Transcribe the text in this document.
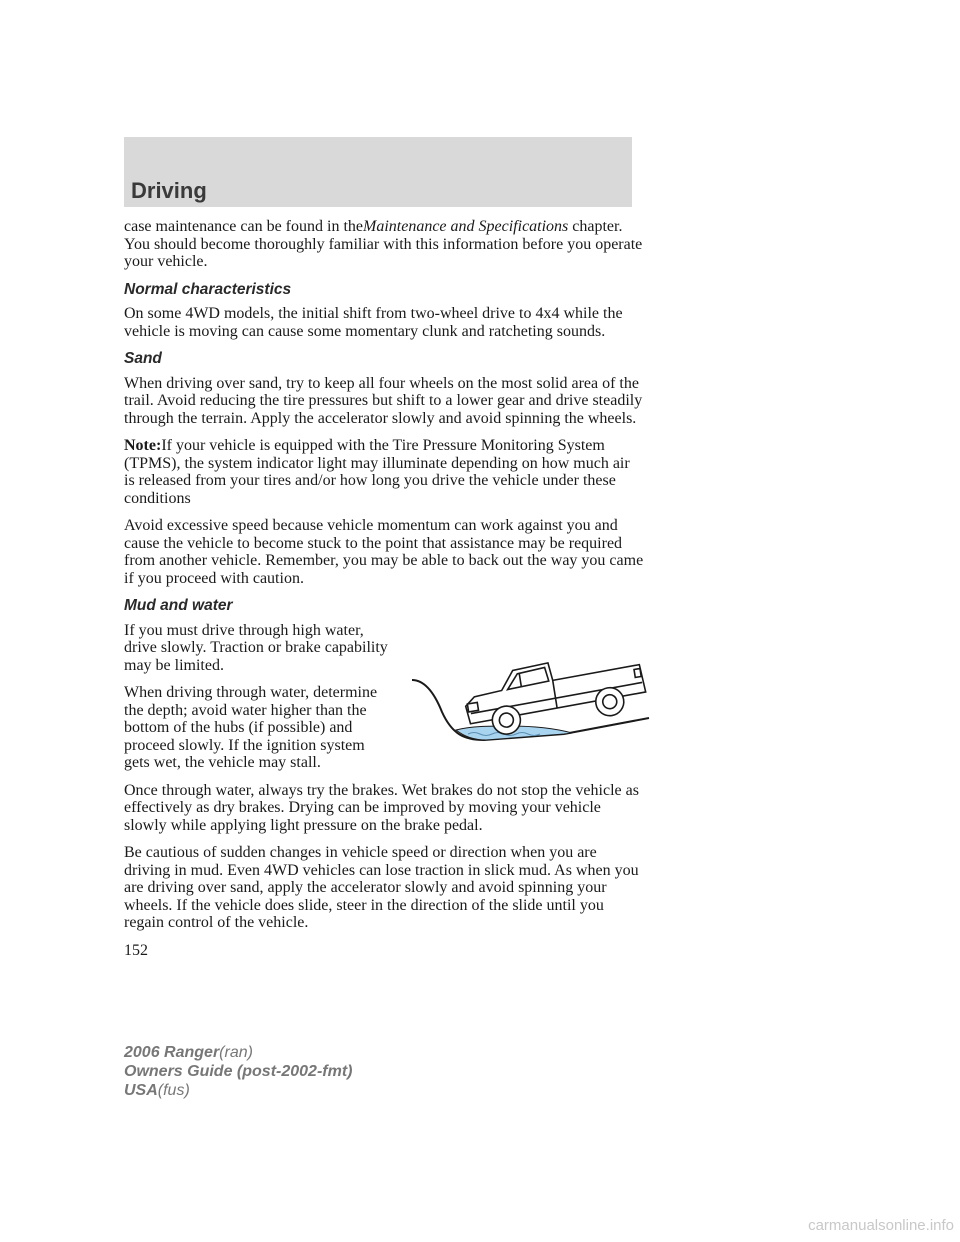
Driving

case maintenance can be found in theMaintenance and Specifications chapter. You should become thoroughly familiar with this information before you operate your vehicle.

Normal characteristics

On some 4WD models, the initial shift from two-wheel drive to 4x4 while the vehicle is moving can cause some momentary clunk and ratcheting sounds.

Sand

When driving over sand, try to keep all four wheels on the most solid area of the trail. Avoid reducing the tire pressures but shift to a lower gear and drive steadily through the terrain. Apply the accelerator slowly and avoid spinning the wheels.

Note:If your vehicle is equipped with the Tire Pressure Monitoring System (TPMS), the system indicator light may illuminate depending on how much air is released from your tires and/or how long you drive the vehicle under these conditions

Avoid excessive speed because vehicle momentum can work against you and cause the vehicle to become stuck to the point that assistance may be required from another vehicle. Remember, you may be able to back out the way you came if you proceed with caution.

Mud and water

If you must drive through high water, drive slowly. Traction or brake capability may be limited.

When driving through water, determine the depth; avoid water higher than the bottom of the hubs (if possible) and proceed slowly. If the ignition system gets wet, the vehicle may stall.

Once through water, always try the brakes. Wet brakes do not stop the vehicle as effectively as dry brakes. Drying can be improved by moving your vehicle slowly while applying light pressure on the brake pedal.

Be cautious of sudden changes in vehicle speed or direction when you are driving in mud. Even 4WD vehicles can lose traction in slick mud. As when you are driving over sand, apply the accelerator slowly and avoid spinning your wheels. If the vehicle does slide, steer in the direction of the slide until you regain control of the vehicle.

152
2006 Ranger(ran)
Owners Guide (post-2002-fmt)
USA(fus)
carmanualsonline.info
